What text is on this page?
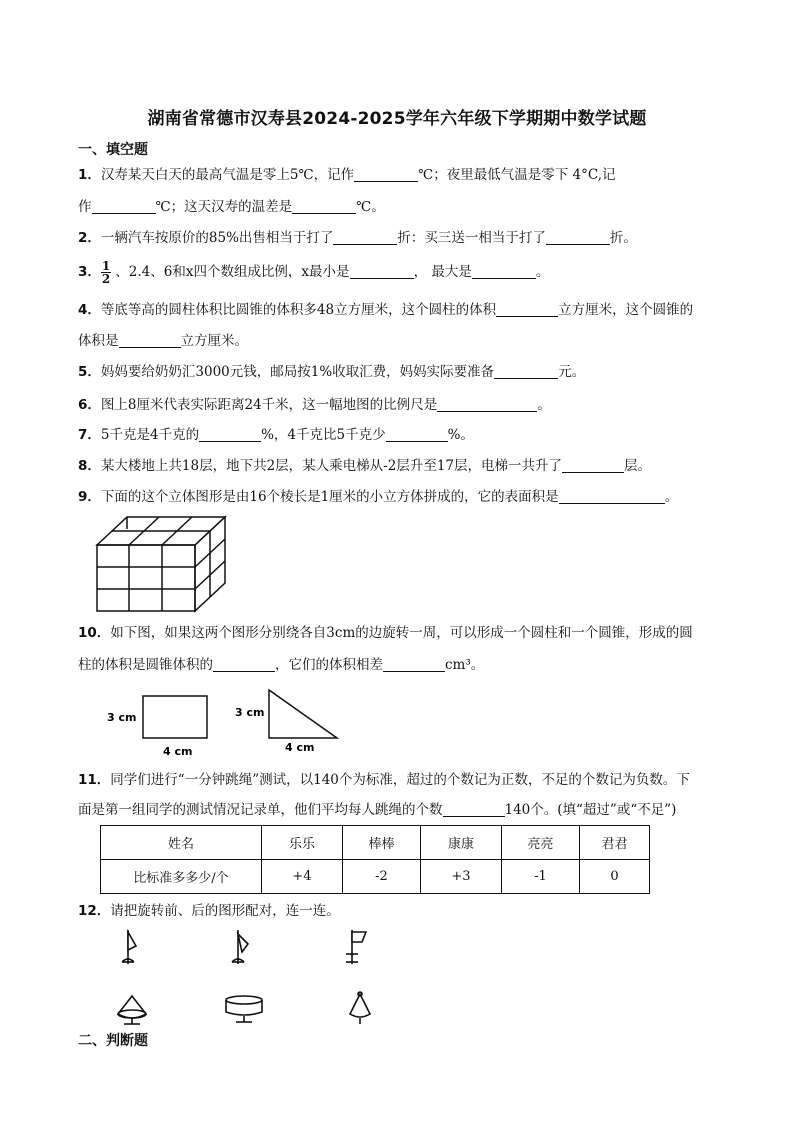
湖南省常德市汉寿县2024-2025学年六年级下学期期中数学试题
一、填空题
1．汉寿某天白天的最高气温是零上5℃，记作	℃；夜里最低气温是零下 4°C,记
作	℃；这天汉寿的温差是	℃。
2．一辆汽车按原价的85%出售相当于打了	折：买三送一相当于打了	折。
3． $\frac{1}{2}$ 、2.4、6和x四个数组成比例，x最小是	， 最大是	。
4．等底等高的圆柱体积比圆锥的体积多48立方厘米，这个圆柱的体积	立方厘米，这个圆锥的
体积是	立方厘米。
5．妈妈要给奶奶汇3000元钱，邮局按1%收取汇费，妈妈实际要准备	元。
6．图上8厘米代表实际距离24千米，这一幅地图的比例尺是	。
7．5千克是4千克的	%，4千克比5千克少	%。
8．某大楼地上共18层，地下共2层，某人乘电梯从-2层升至17层，电梯一共升了	层。
9．下面的这个立体图形是由16个棱长是1厘米的小立方体拼成的，它的表面积是	。
10．如下图，如果这两个图形分别绕各自3cm的边旋转一周，可以形成一个圆柱和一个圆锥，形成的圆
柱的体积是圆锥体积的	，它们的体积相差	cm³。
3 cm
4 cm
3 cm
4 cm
11．同学们进行“一分钟跳绳”测试，以140个为标准，超过的个数记为正数，不足的个数记为负数。下
面是第一组同学的测试情况记录单，他们平均每人跳绳的个数	140个。(填“超过”或“不足”)
姓名	乐乐	棒棒	康康	亮亮	君君
比标准多多少/个	+4	-2	+3	-1	0
12．请把旋转前、后的图形配对，连一连。
二、判断题
